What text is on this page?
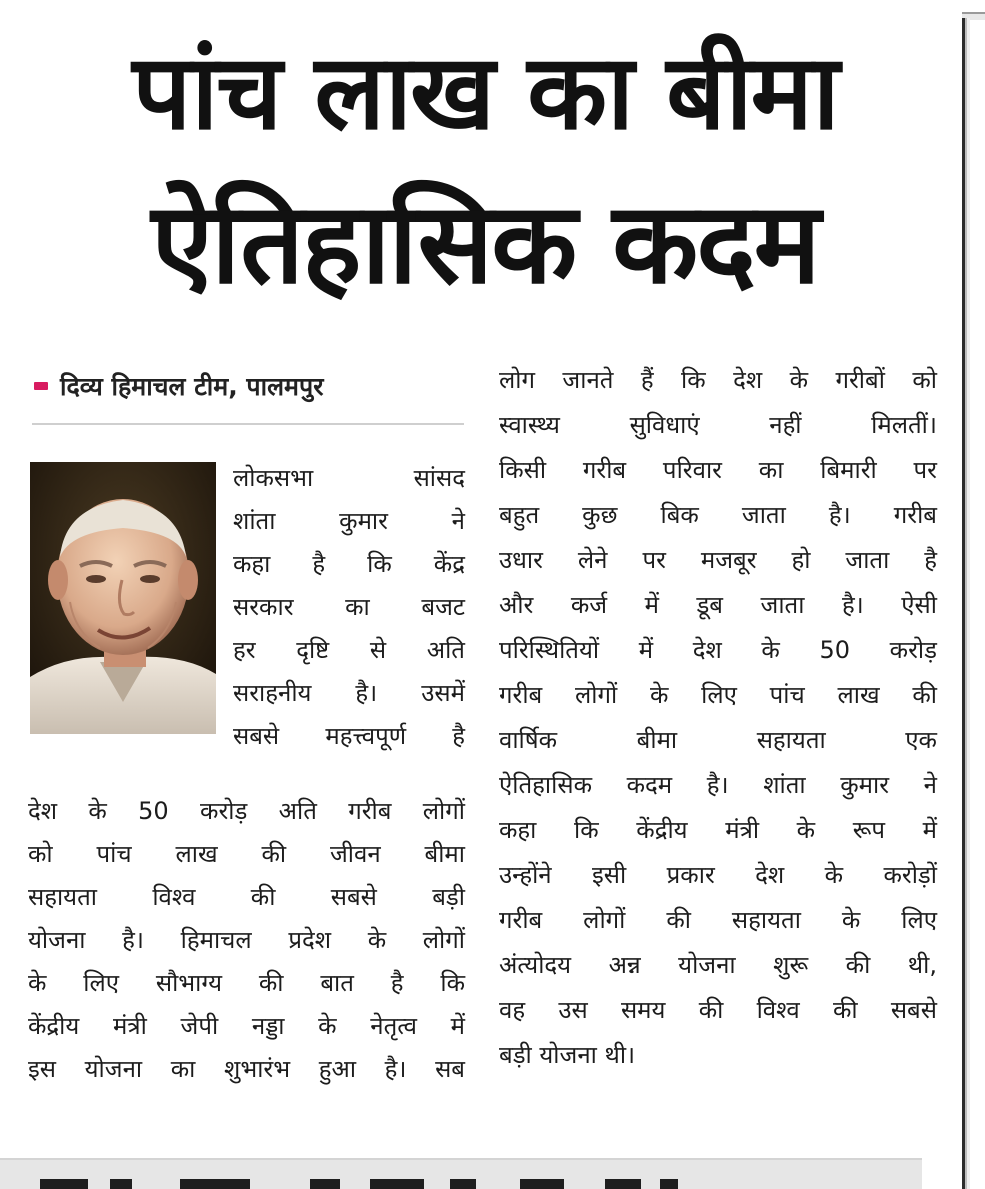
पांच लाख का बीमा
ऐतिहासिक कदम
दिव्य हिमाचल टीम, पालमपुर
लोकसभा सांसद
शांता कुमार ने
कहा है कि केंद्र
सरकार का बजट
हर दृष्टि से अति
सराहनीय है। उसमें
सबसे महत्त्वपूर्ण है
देश के 50 करोड़ अति गरीब लोगों
को पांच लाख की जीवन बीमा
सहायता विश्व की सबसे बड़ी
योजना है। हिमाचल प्रदेश के लोगों
के लिए सौभाग्य की बात है कि
केंद्रीय मंत्री जेपी नड्डा के नेतृत्व में
इस योजना का शुभारंभ हुआ है। सब
लोग जानते हैं कि देश के गरीबों को
स्वास्थ्य सुविधाएं नहीं मिलतीं।
किसी गरीब परिवार का बिमारी पर
बहुत कुछ बिक जाता है। गरीब
उधार लेने पर मजबूर हो जाता है
और कर्ज में डूब जाता है। ऐसी
परिस्थितियों में देश के 50 करोड़
गरीब लोगों के लिए पांच लाख की
वार्षिक बीमा सहायता एक
ऐतिहासिक कदम है। शांता कुमार ने
कहा कि केंद्रीय मंत्री के रूप में
उन्होंने इसी प्रकार देश के करोड़ों
गरीब लोगों की सहायता के लिए
अंत्योदय अन्न योजना शुरू की थी,
वह उस समय की विश्व की सबसे
बड़ी योजना थी।
